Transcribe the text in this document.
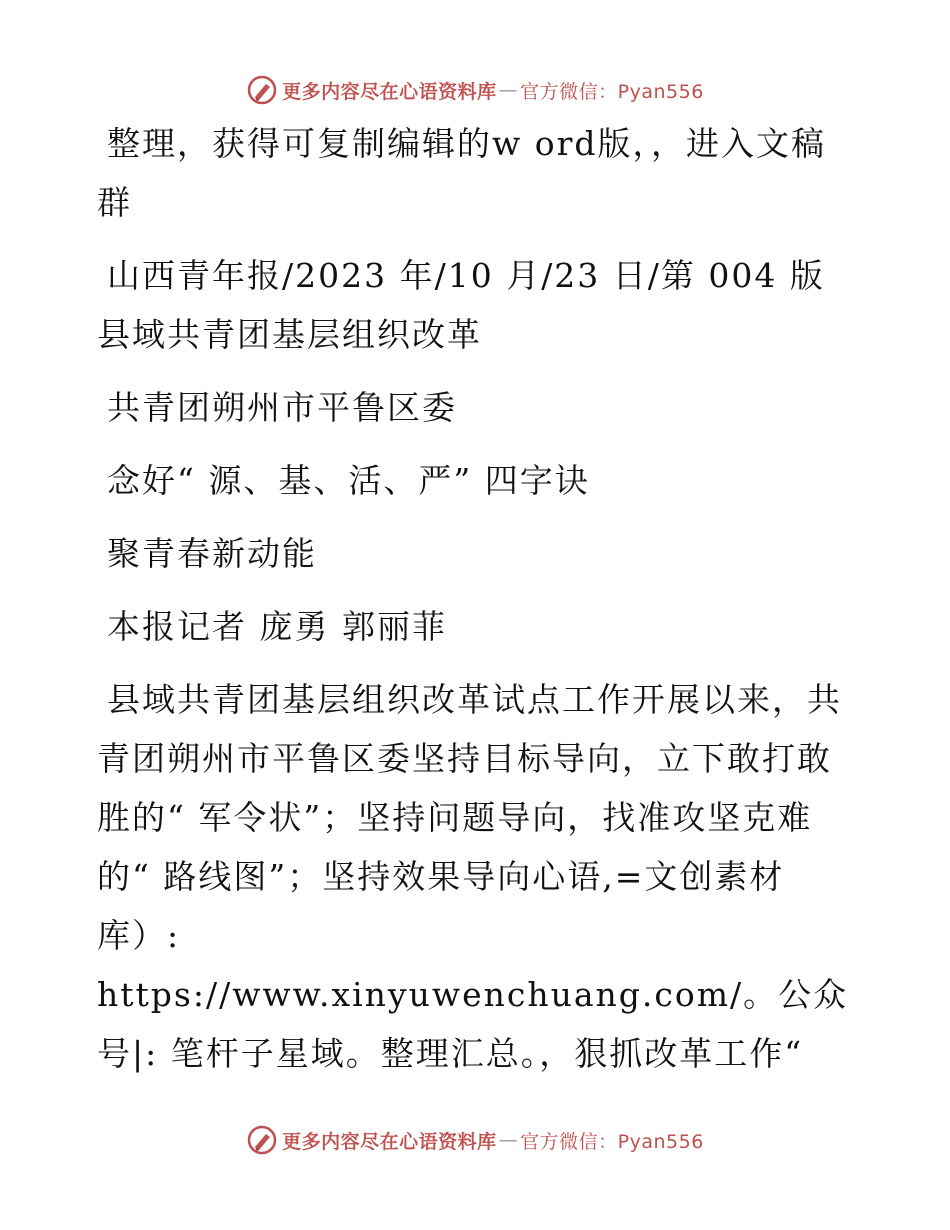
更多内容尽在心语资料库 — 官方微信：Pyan556

整理，获得可复制编辑的w ord版，，进入文稿群

山西青年报/2023 年/10 月/23 日/第 004 版县域共青团基层组织改革

共青团朔州市平鲁区委

念好“ 源、基、活、严” 四字诀

聚青春新动能

本报记者 庞勇 郭丽菲

县域共青团基层组织改革试点工作开展以来，共青团朔州市平鲁区委坚持目标导向，立下敢打敢胜的“ 军令状”；坚持问题导向，找准攻坚克难的“ 路线图”；坚持效果导向心语,=文创素材库）: https://www.xinyuwenchuang.com/。公众号|: 笔杆子星域。整理汇总。，狠抓改革工作“

更多内容尽在心语资料库 — 官方微信：Pyan556
